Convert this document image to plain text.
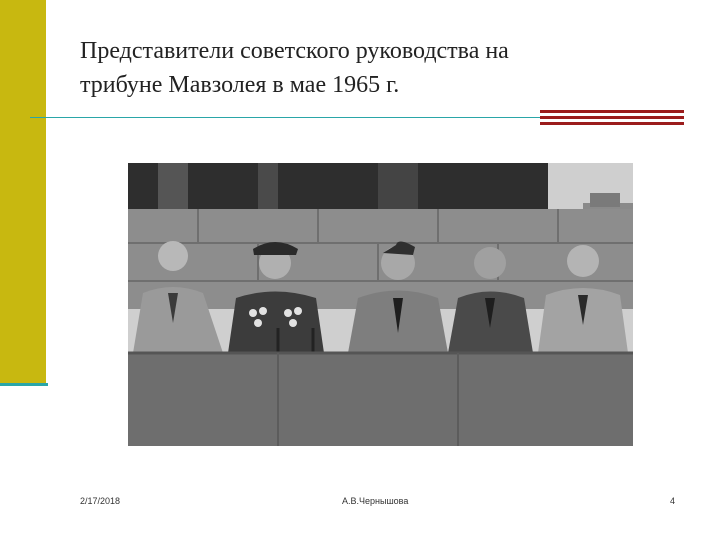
Представители советского руководства на
трибуне Мавзолея в мае 1965 г.
2/17/2018	А.В.Чернышова	4
